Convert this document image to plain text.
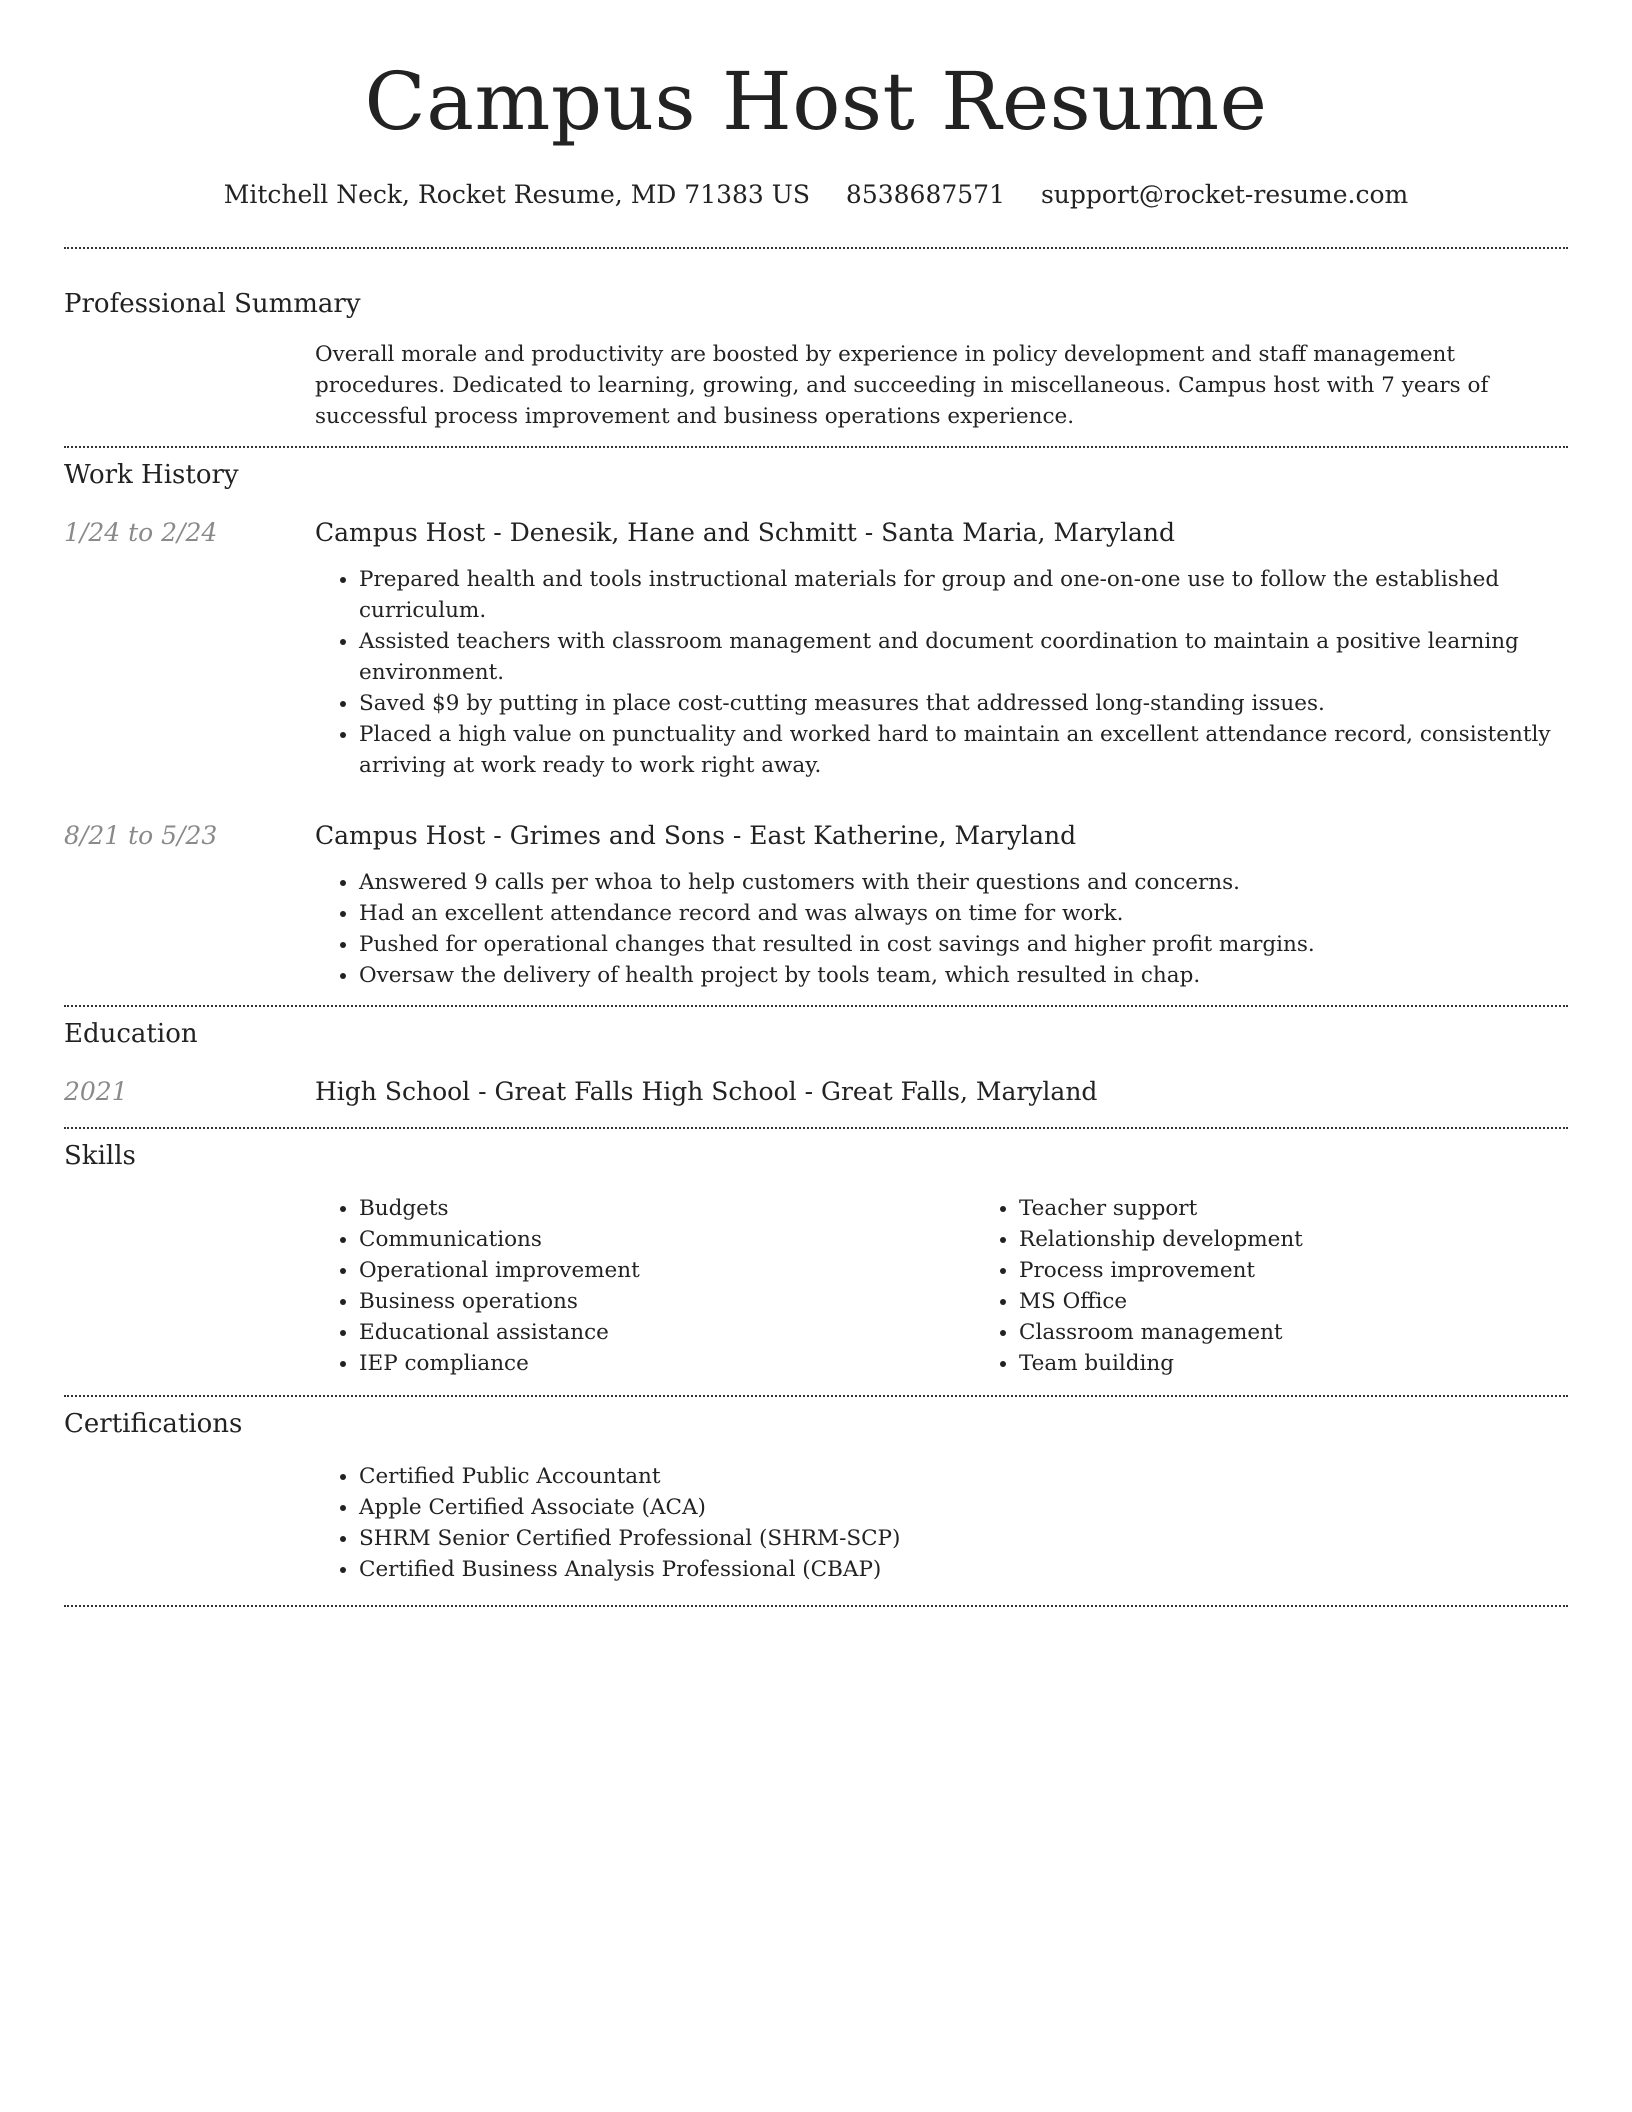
Campus Host Resume
Mitchell Neck, Rocket Resume, MD 71383 US 8538687571 support@rocket-resume.com
Professional Summary
Overall morale and productivity are boosted by experience in policy development and staff management procedures. Dedicated to learning, growing, and succeeding in miscellaneous. Campus host with 7 years of successful process improvement and business operations experience.
Work History
1/24 to 2/24	Campus Host - Denesik, Hane and Schmitt - Santa Maria, Maryland
• Prepared health and tools instructional materials for group and one-on-one use to follow the established curriculum.
• Assisted teachers with classroom management and document coordination to maintain a positive learning environment.
• Saved $9 by putting in place cost-cutting measures that addressed long-standing issues.
• Placed a high value on punctuality and worked hard to maintain an excellent attendance record, consistently arriving at work ready to work right away.
8/21 to 5/23	Campus Host - Grimes and Sons - East Katherine, Maryland
• Answered 9 calls per whoa to help customers with their questions and concerns.
• Had an excellent attendance record and was always on time for work.
• Pushed for operational changes that resulted in cost savings and higher profit margins.
• Oversaw the delivery of health project by tools team, which resulted in chap.
Education
2021	High School - Great Falls High School - Great Falls, Maryland
Skills
• Budgets
• Communications
• Operational improvement
• Business operations
• Educational assistance
• IEP compliance
• Teacher support
• Relationship development
• Process improvement
• MS Office
• Classroom management
• Team building
Certifications
• Certified Public Accountant
• Apple Certified Associate (ACA)
• SHRM Senior Certified Professional (SHRM-SCP)
• Certified Business Analysis Professional (CBAP)
